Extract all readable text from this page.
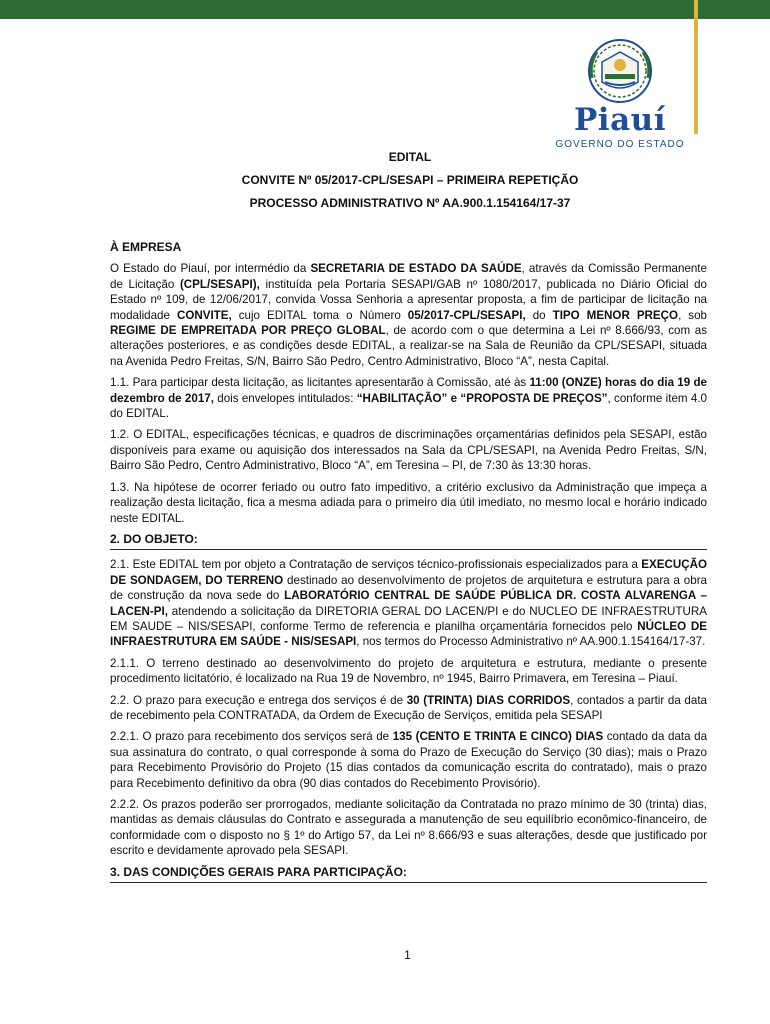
Piauí
GOVERNO DO ESTADO
EDITAL
CONVITE Nº 05/2017-CPL/SESAPI – PRIMEIRA REPETIÇÃO
PROCESSO ADMINISTRATIVO Nº AA.900.1.154164/17-37
À EMPRESA

O Estado do Piauí, por intermédio da SECRETARIA DE ESTADO DA SAÚDE, através da Comissão Permanente de Licitação (CPL/SESAPI), instituída pela Portaria SESAPI/GAB nº 1080/2017, publicada no Diário Oficial do Estado nº 109, de 12/06/2017, convida Vossa Senhoria a apresentar proposta, a fim de participar de licitação na modalidade CONVITE, cujo EDITAL toma o Número 05/2017-CPL/SESAPI, do TIPO MENOR PREÇO, sob REGIME DE EMPREITADA POR PREÇO GLOBAL, de acordo com o que determina a Lei nº 8.666/93, com as alterações posteriores, e as condições desde EDITAL, a realizar-se na Sala de Reunião da CPL/SESAPI, situada na Avenida Pedro Freitas, S/N, Bairro São Pedro, Centro Administrativo, Bloco “A”, nesta Capital.

1.1. Para participar desta licitação, as licitantes apresentarão à Comissão, até às 11:00 (ONZE) horas do dia 19 de dezembro de 2017, dois envelopes intitulados: “HABILITAÇÃO” e “PROPOSTA DE PREÇOS”, conforme item 4.0 do EDITAL.

1.2. O EDITAL, especificações técnicas, e quadros de discriminações orçamentárias definidos pela SESAPI, estão disponíveis para exame ou aquisição dos interessados na Sala da CPL/SESAPI, na Avenida Pedro Freitas, S/N, Bairro São Pedro, Centro Administrativo, Bloco “A”, em Teresina – PI, de 7:30 às 13:30 horas.

1.3. Na hipótese de ocorrer feriado ou outro fato impeditivo, a critério exclusivo da Administração que impeça a realização desta licitação, fica a mesma adiada para o primeiro dia útil imediato, no mesmo local e horário indicado neste EDITAL.

2. DO OBJETO:

2.1. Este EDITAL tem por objeto a Contratação de serviços técnico-profissionais especializados para a EXECUÇÃO DE SONDAGEM, DO TERRENO destinado ao desenvolvimento de projetos de arquitetura e estrutura para a obra de construção da nova sede do LABORATÓRIO CENTRAL DE SAÚDE PÚBLICA DR. COSTA ALVARENGA – LACEN-PI, atendendo a solicitação da DIRETORIA GERAL DO LACEN/PI e do NUCLEO DE INFRAESTRUTURA EM SAUDE – NIS/SESAPI, conforme Termo de referencia e planilha orçamentária fornecidos pelo NÚCLEO DE INFRAESTRUTURA EM SAÚDE - NIS/SESAPI, nos termos do Processo Administrativo nº AA.900.1.154164/17-37.

2.1.1. O terreno destinado ao desenvolvimento do projeto de arquitetura e estrutura, mediante o presente procedimento licitatório, é localizado na Rua 19 de Novembro, nº 1945, Bairro Primavera, em Teresina – Piauí.

2.2. O prazo para execução e entrega dos serviços é de 30 (TRINTA) DIAS CORRIDOS, contados a partir da data de recebimento pela CONTRATADA, da Ordem de Execução de Serviços, emitida pela SESAPI

2.2.1. O prazo para recebimento dos serviços será de 135 (CENTO E TRINTA E CINCO) DIAS contado da data da sua assinatura do contrato, o qual corresponde à soma do Prazo de Execução do Serviço (30 dias); mais o Prazo para Recebimento Provisório do Projeto (15 dias contados da comunicação escrita do contratado), mais o prazo para Recebimento definitivo da obra (90 dias contados do Recebimento Provisório).

2.2.2. Os prazos poderão ser prorrogados, mediante solicitação da Contratada no prazo mínimo de 30 (trinta) dias, mantidas as demais cláusulas do Contrato e assegurada a manutenção de seu equilíbrio econômico-financeiro, de conformidade com o disposto no § 1º do Artigo 57, da Lei nº 8.666/93 e suas alterações, desde que justificado por escrito e devidamente aprovado pela SESAPI.

3. DAS CONDIÇÕES GERAIS PARA PARTICIPAÇÃO:
1
